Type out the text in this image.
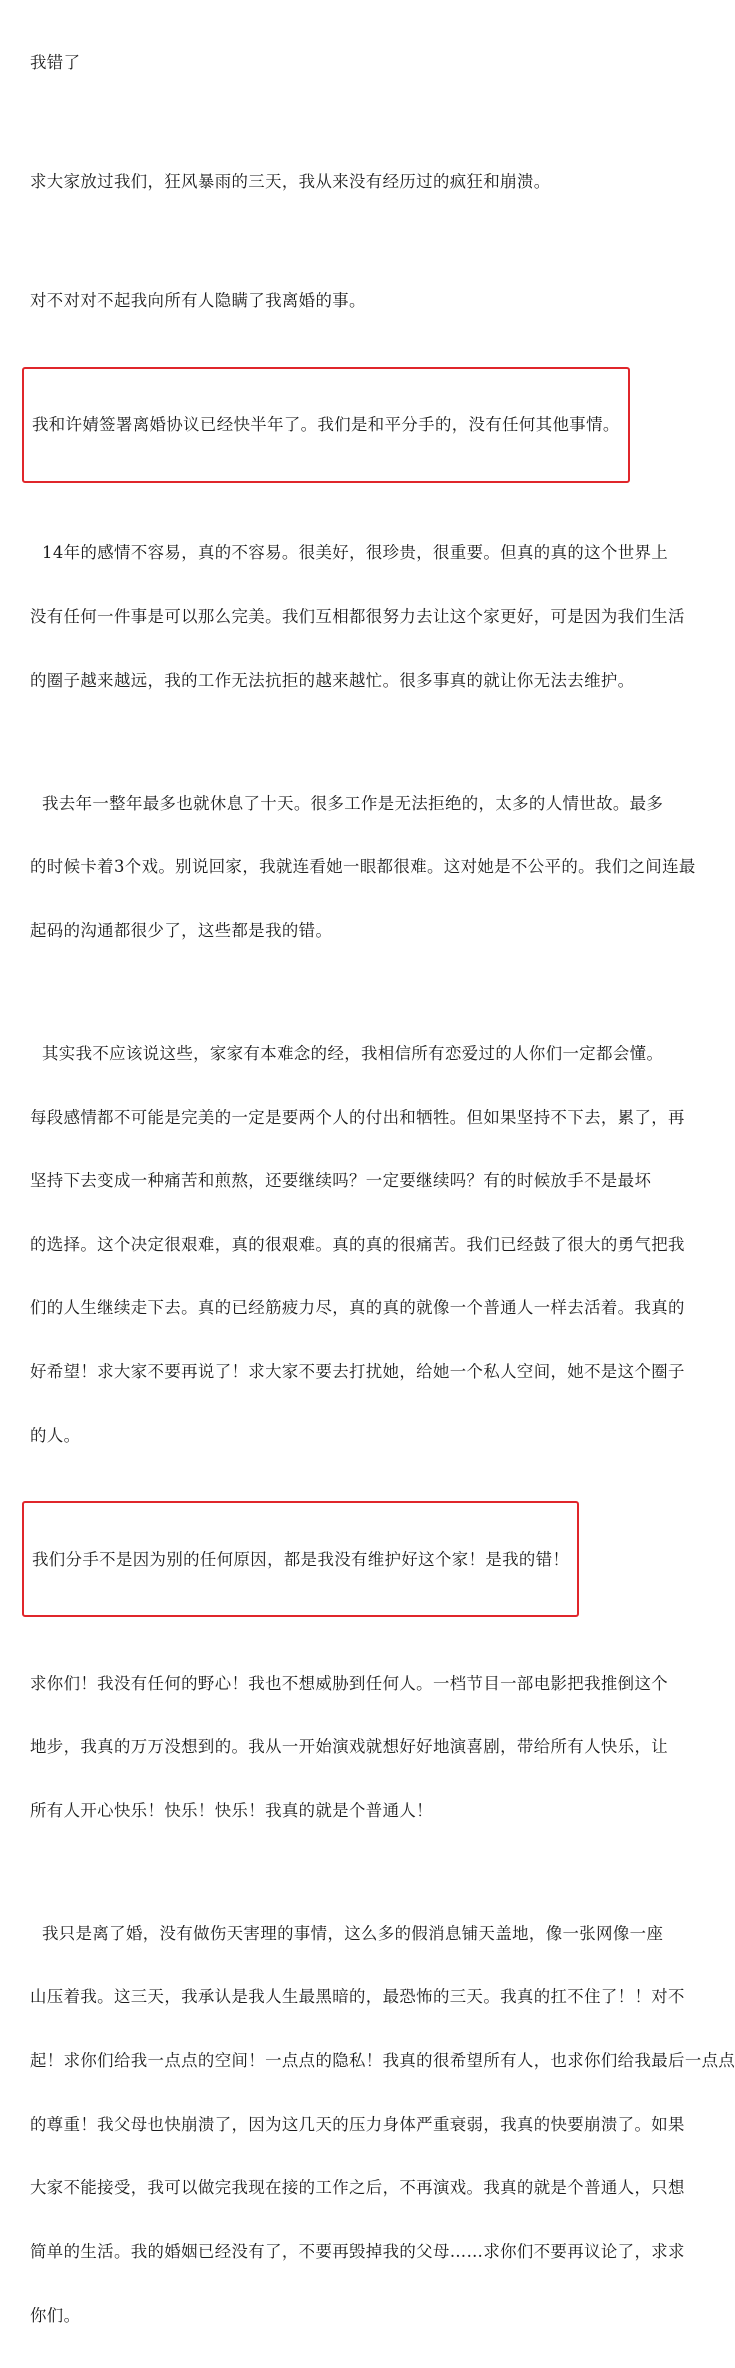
我错了

求大家放过我们，狂风暴雨的三天，我从来没有经历过的疯狂和崩溃。

对不对对不起我向所有人隐瞒了我离婚的事。

我和许婧签署离婚协议已经快半年了。我们是和平分手的，没有任何其他事情。

14年的感情不容易，真的不容易。很美好，很珍贵，很重要。但真的真的这个世界上

没有任何一件事是可以那么完美。我们互相都很努力去让这个家更好，可是因为我们生活

的圈子越来越远，我的工作无法抗拒的越来越忙。很多事真的就让你无法去维护。

我去年一整年最多也就休息了十天。很多工作是无法拒绝的，太多的人情世故。最多

的时候卡着3个戏。别说回家，我就连看她一眼都很难。这对她是不公平的。我们之间连最

起码的沟通都很少了，这些都是我的错。

其实我不应该说这些，家家有本难念的经，我相信所有恋爱过的人你们一定都会懂。

每段感情都不可能是完美的一定是要两个人的付出和牺牲。但如果坚持不下去，累了，再

坚持下去变成一种痛苦和煎熬，还要继续吗？一定要继续吗？有的时候放手不是最坏

的选择。这个决定很艰难，真的很艰难。真的真的很痛苦。我们已经鼓了很大的勇气把我

们的人生继续走下去。真的已经筋疲力尽，真的真的就像一个普通人一样去活着。我真的

好希望！求大家不要再说了！求大家不要去打扰她，给她一个私人空间，她不是这个圈子

的人。

我们分手不是因为别的任何原因，都是我没有维护好这个家！是我的错！

求你们！我没有任何的野心！我也不想威胁到任何人。一档节目一部电影把我推倒这个

地步，我真的万万没想到的。我从一开始演戏就想好好地演喜剧，带给所有人快乐，让

所有人开心快乐！快乐！快乐！我真的就是个普通人！

我只是离了婚，没有做伤天害理的事情，这么多的假消息铺天盖地，像一张网像一座

山压着我。这三天，我承认是我人生最黑暗的，最恐怖的三天。我真的扛不住了！！对不

起！求你们给我一点点的空间！一点点的隐私！我真的很希望所有人，也求你们给我最后一点点

的尊重！我父母也快崩溃了，因为这几天的压力身体严重衰弱，我真的快要崩溃了。如果

大家不能接受，我可以做完我现在接的工作之后，不再演戏。我真的就是个普通人，只想

简单的生活。我的婚姻已经没有了，不要再毁掉我的父母……求你们不要再议论了，求求

你们。
